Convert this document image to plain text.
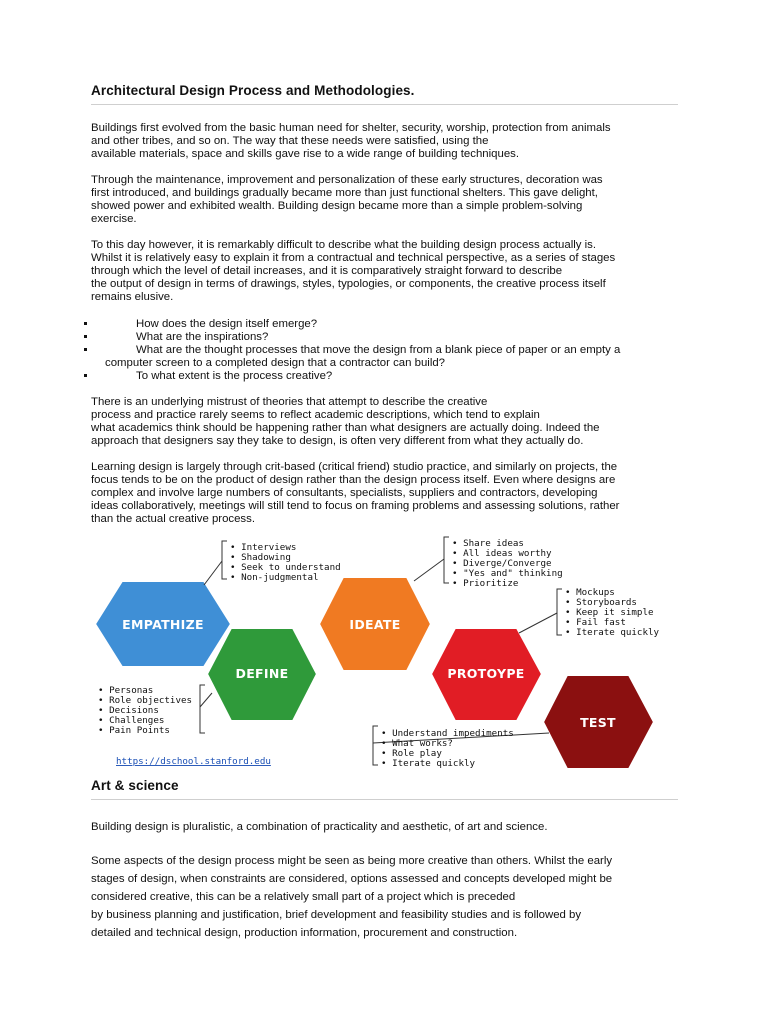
Architectural Design Process and Methodologies.

Buildings first evolved from the basic human need for shelter, security, worship, protection from animals
and other tribes, and so on. The way that these needs were satisfied, using the
available materials, space and skills gave rise to a wide range of building techniques.

Through the maintenance, improvement and personalization of these early structures, decoration was
first introduced, and buildings gradually became more than just functional shelters. This gave delight,
showed power and exhibited wealth. Building design became more than a simple problem-solving
exercise.

To this day however, it is remarkably difficult to describe what the building design process actually is.
Whilst it is relatively easy to explain it from a contractual and technical perspective, as a series of stages
through which the level of detail increases, and it is comparatively straight forward to describe
the output of design in terms of drawings, styles, typologies, or components, the creative process itself
remains elusive.

How does the design itself emerge?
What are the inspirations?
What are the thought processes that move the design from a blank piece of paper or an empty a
computer screen to a completed design that a contractor can build?
To what extent is the process creative?

There is an underlying mistrust of theories that attempt to describe the creative
process and practice rarely seems to reflect academic descriptions, which tend to explain
what academics think should be happening rather than what designers are actually doing. Indeed the
approach that designers say they take to design, is often very different from what they actually do.

Learning design is largely through crit-based (critical friend) studio practice, and similarly on projects, the
focus tends to be on the product of design rather than the design process itself. Even where designs are
complex and involve large numbers of consultants, specialists, suppliers and contractors, developing
ideas collaboratively, meetings will still tend to focus on framing problems and assessing solutions, rather
than the actual creative process.

EMPATHIZE
DEFINE
IDEATE
PROTOYPE
TEST
• Interviews
• Shadowing
• Seek to understand
• Non-judgmental
• Share ideas
• All ideas worthy
• Diverge/Converge
• "Yes and" thinking
• Prioritize
• Mockups
• Storyboards
• Keep it simple
• Fail fast
• Iterate quickly
• Personas
• Role objectives
• Decisions
• Challenges
• Pain Points	• Understand impediments
• What works?
• Role play
• Iterate quickly
https://dschool.stanford.edu
Art & science

Building design is pluralistic, a combination of practicality and aesthetic, of art and science.

Some aspects of the design process might be seen as being more creative than others. Whilst the early
stages of design, when constraints are considered, options assessed and concepts developed might be
considered creative, this can be a relatively small part of a project which is preceded
by business planning and justification, brief development and feasibility studies and is followed by
detailed and technical design, production information, procurement and construction.
